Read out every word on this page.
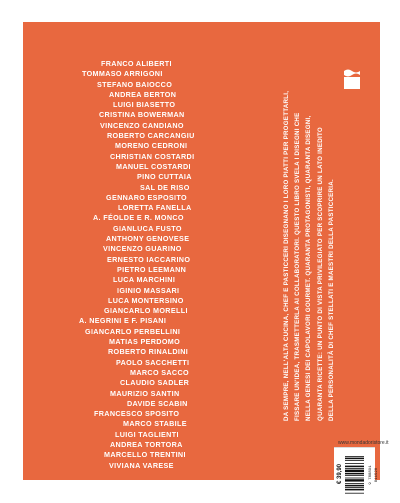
FRANCO ALIBERTI
TOMMASO ARRIGONI
STEFANO BAIOCCO
ANDREA BERTON
LUIGI BIASETTO
CRISTINA BOWERMAN
VINCENZO CANDIANO
ROBERTO CARCANGIU
MORENO CEDRONI
CHRISTIAN COSTARDI
MANUEL COSTARDI
PINO CUTTAIA
SAL DE RISO
GENNARO ESPOSITO
LORETTA FANELLA
A. FÉOLDE E R. MONCO
GIANLUCA FUSTO
ANTHONY GENOVESE
VINCENZO GUARINO
ERNESTO IACCARINO
PIETRO LEEMANN
LUCA MARCHINI
IGINIO MASSARI
LUCA MONTERSINO
GIANCARLO MORELLI
A. NEGRINI E F. PISANI
GIANCARLO PERBELLINI
MATIAS PERDOMO
ROBERTO RINALDINI
PAOLO SACCHETTI
MARCO SACCO
CLAUDIO SADLER
MAURIZIO SANTIN
DAVIDE SCABIN
FRANCESCO SPOSITO
MARCO STABILE
LUIGI TAGLIENTI
ANDREA TORTORA
MARCELLO TRENTINI
VIVIANA VARESE

DA SEMPRE, NELL'ALTA CUCINA, CHEF E PASTICCERI DISEGNANO I LORO PIATTI PER PROGETTARLI, FISSARE UN'IDEA, TRASMETTERLA AI COLLABORATORI. QUESTO LIBRO SVELA I DISEGNI CHE NELLA GENESI DEI CAPOLAVORI GOURMET. QUARANTA PROTAGONISTI, QUARANTA DISEGNI, QUARANTA RICETTE: UN PUNTO DI VISTA PRIVILEGIATO PER SCOPRIRE UN LATO INEDITO DELLA PERSONALITÀ DI CHEF STELLATI E MAESTRI DELLA PASTICCERIA.

www.mondadoristore.it
€ 39,90	9 788891 811520
